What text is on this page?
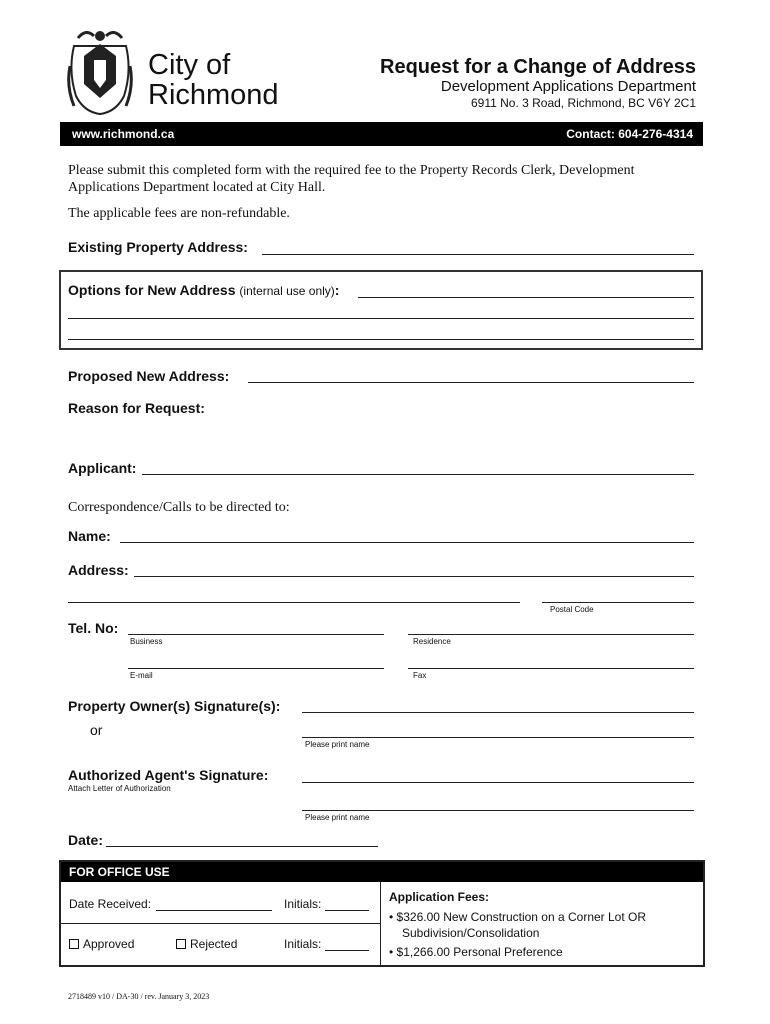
City of
Richmond
Request for a Change of Address
Development Applications Department
6911 No. 3 Road, Richmond, BC V6Y 2C1
www.richmond.ca	Contact: 604-276-4314
Please submit this completed form with the required fee to the Property Records Clerk, Development Applications Department located at City Hall.
The applicable fees are non-refundable.
Existing Property Address:
Options for New Address (internal use only):
Proposed New Address:
Reason for Request:
Applicant:
Correspondence/Calls to be directed to:
Name:
Address:
Postal Code
Tel. No:
Business	Residence
E-mail	Fax
Property Owner(s) Signature(s):
or
Please print name
Authorized Agent's Signature:
Attach Letter of Authorization
Please print name
Date:
FOR OFFICE USE
Date Received:	Initials:
Approved	Rejected	Initials:
Application Fees:
• $326.00 New Construction on a Corner Lot OR
Subdivision/Consolidation
• $1,266.00 Personal Preference
2718489 v10 / DA-30 / rev. January 3, 2023
